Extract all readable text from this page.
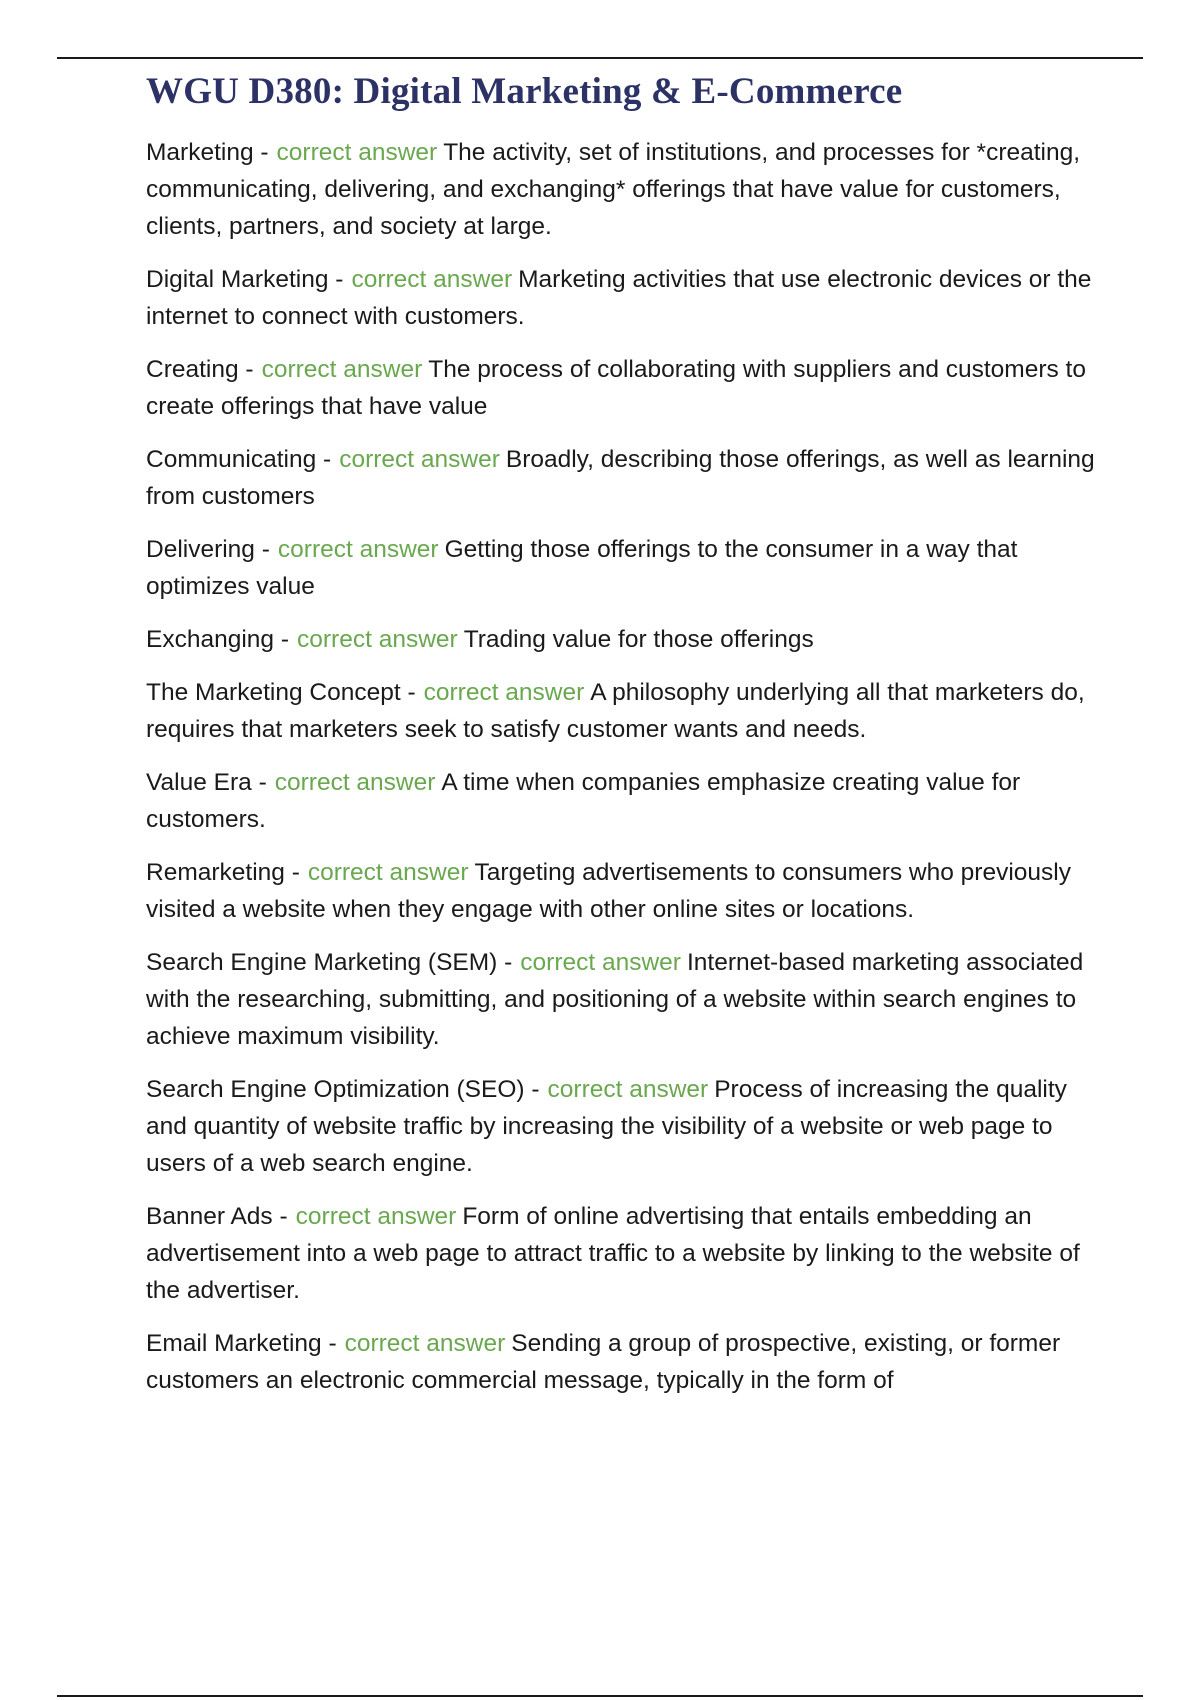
WGU D380: Digital Marketing & E-Commerce
Marketing - correct answer The activity, set of institutions, and processes for *creating, communicating, delivering, and exchanging* offerings that have value for customers, clients, partners, and society at large.
Digital Marketing - correct answer Marketing activities that use electronic devices or the internet to connect with customers.
Creating - correct answer The process of collaborating with suppliers and customers to create offerings that have value
Communicating - correct answer Broadly, describing those offerings, as well as learning from customers
Delivering - correct answer Getting those offerings to the consumer in a way that optimizes value
Exchanging - correct answer Trading value for those offerings
The Marketing Concept - correct answer A philosophy underlying all that marketers do, requires that marketers seek to satisfy customer wants and needs.
Value Era - correct answer A time when companies emphasize creating value for customers.
Remarketing - correct answer Targeting advertisements to consumers who previously visited a website when they engage with other online sites or locations.
Search Engine Marketing (SEM) - correct answer Internet-based marketing associated with the researching, submitting, and positioning of a website within search engines to achieve maximum visibility.
Search Engine Optimization (SEO) - correct answer Process of increasing the quality and quantity of website traffic by increasing the visibility of a website or web page to users of a web search engine.
Banner Ads - correct answer Form of online advertising that entails embedding an advertisement into a web page to attract traffic to a website by linking to the website of the advertiser.
Email Marketing - correct answer Sending a group of prospective, existing, or former customers an electronic commercial message, typically in the form of
